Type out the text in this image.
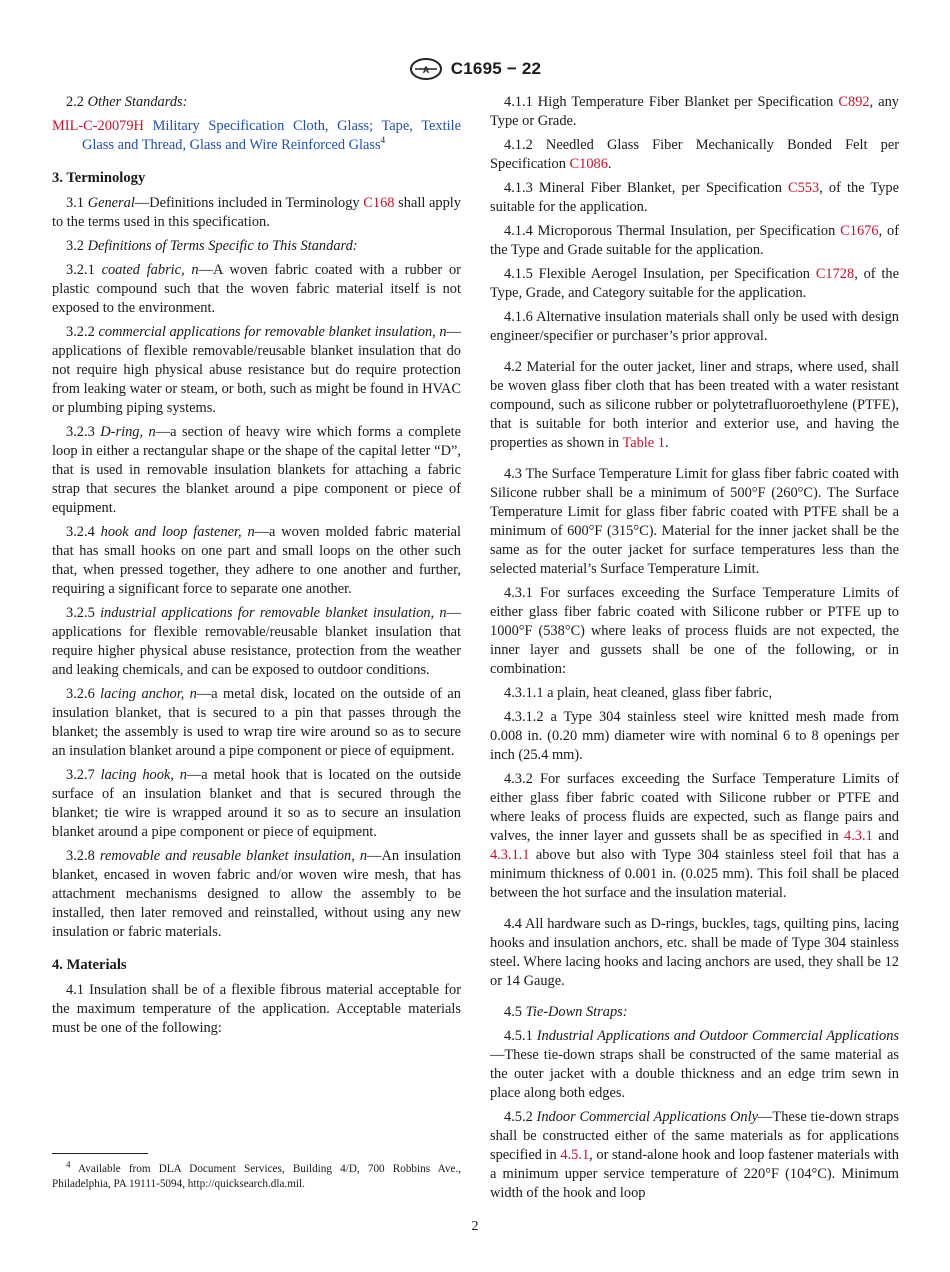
A C1695 − 22

2.2 Other Standards:

MIL-C-20079H Military Specification Cloth, Glass; Tape, Textile Glass and Thread, Glass and Wire Reinforced Glass$^4$

3. Terminology

3.1 General—Definitions included in Terminology C168 shall apply to the terms used in this specification.

3.2 Definitions of Terms Specific to This Standard:

3.2.1 coated fabric, n—A woven fabric coated with a rubber or plastic compound such that the woven fabric material itself is not exposed to the environment.

3.2.2 commercial applications for removable blanket insulation, n—applications of flexible removable/reusable blanket insulation that do not require high physical abuse resistance but do require protection from leaking water or steam, or both, such as might be found in HVAC or plumbing piping systems.

3.2.3 D-ring, n—a section of heavy wire which forms a complete loop in either a rectangular shape or the shape of the capital letter “D”, that is used in removable insulation blankets for attaching a fabric strap that secures the blanket around a pipe component or piece of equipment.

3.2.4 hook and loop fastener, n—a woven molded fabric material that has small hooks on one part and small loops on the other such that, when pressed together, they adhere to one another and further, requiring a significant force to separate one another.

3.2.5 industrial applications for removable blanket insulation, n—applications for flexible removable/reusable blanket insulation that require higher physical abuse resistance, protection from the weather and leaking chemicals, and can be exposed to outdoor conditions.

3.2.6 lacing anchor, n—a metal disk, located on the outside of an insulation blanket, that is secured to a pin that passes through the blanket; the assembly is used to wrap tire wire around so as to secure an insulation blanket around a pipe component or piece of equipment.

3.2.7 lacing hook, n—a metal hook that is located on the outside surface of an insulation blanket and that is secured through the blanket; tie wire is wrapped around it so as to secure an insulation blanket around a pipe component or piece of equipment.

3.2.8 removable and reusable blanket insulation, n—An insulation blanket, encased in woven fabric and/or woven wire mesh, that has attachment mechanisms designed to allow the assembly to be installed, then later removed and reinstalled, without using any new insulation or fabric materials.

4. Materials

4.1 Insulation shall be of a flexible fibrous material acceptable for the maximum temperature of the application. Acceptable materials must be one of the following:

4.1.1 High Temperature Fiber Blanket per Specification C892, any Type or Grade.

4.1.2 Needled Glass Fiber Mechanically Bonded Felt per Specification C1086.

4.1.3 Mineral Fiber Blanket, per Specification C553, of the Type suitable for the application.

4.1.4 Microporous Thermal Insulation, per Specification C1676, of the Type and Grade suitable for the application.

4.1.5 Flexible Aerogel Insulation, per Specification C1728, of the Type, Grade, and Category suitable for the application.

4.1.6 Alternative insulation materials shall only be used with design engineer/specifier or purchaser’s prior approval.

4.2 Material for the outer jacket, liner and straps, where used, shall be woven glass fiber cloth that has been treated with a water resistant compound, such as silicone rubber or polytetrafluoroethylene (PTFE), that is suitable for both interior and exterior use, and having the properties as shown in Table 1.

4.3 The Surface Temperature Limit for glass fiber fabric coated with Silicone rubber shall be a minimum of 500°F (260°C). The Surface Temperature Limit for glass fiber fabric coated with PTFE shall be a minimum of 600°F (315°C). Material for the inner jacket shall be the same as for the outer jacket for surface temperatures less than the selected material’s Surface Temperature Limit.

4.3.1 For surfaces exceeding the Surface Temperature Limits of either glass fiber fabric coated with Silicone rubber or PTFE up to 1000°F (538°C) where leaks of process fluids are not expected, the inner layer and gussets shall be one of the following, or in combination:

4.3.1.1 a plain, heat cleaned, glass fiber fabric,

4.3.1.2 a Type 304 stainless steel wire knitted mesh made from 0.008 in. (0.20 mm) diameter wire with nominal 6 to 8 openings per inch (25.4 mm).

4.3.2 For surfaces exceeding the Surface Temperature Limits of either glass fiber fabric coated with Silicone rubber or PTFE and where leaks of process fluids are expected, such as flange pairs and valves, the inner layer and gussets shall be as specified in 4.3.1 and 4.3.1.1 above but also with Type 304 stainless steel foil that has a minimum thickness of 0.001 in. (0.025 mm). This foil shall be placed between the hot surface and the insulation material.

4.4 All hardware such as D-rings, buckles, tags, quilting pins, lacing hooks and insulation anchors, etc. shall be made of Type 304 stainless steel. Where lacing hooks and lacing anchors are used, they shall be 12 or 14 Gauge.

4.5 Tie-Down Straps:

4.5.1 Industrial Applications and Outdoor Commercial Applications—These tie-down straps shall be constructed of the same material as the outer jacket with a double thickness and an edge trim sewn in place along both edges.

4.5.2 Indoor Commercial Applications Only—These tie-down straps shall be constructed either of the same materials as for applications specified in 4.5.1, or stand-alone hook and loop fastener materials with a minimum upper service temperature of 220°F (104°C). Minimum width of the hook and loop

$^4$ Available from DLA Document Services, Building 4/D, 700 Robbins Ave., Philadelphia, PA 19111-5094, http://quicksearch.dla.mil.
2
